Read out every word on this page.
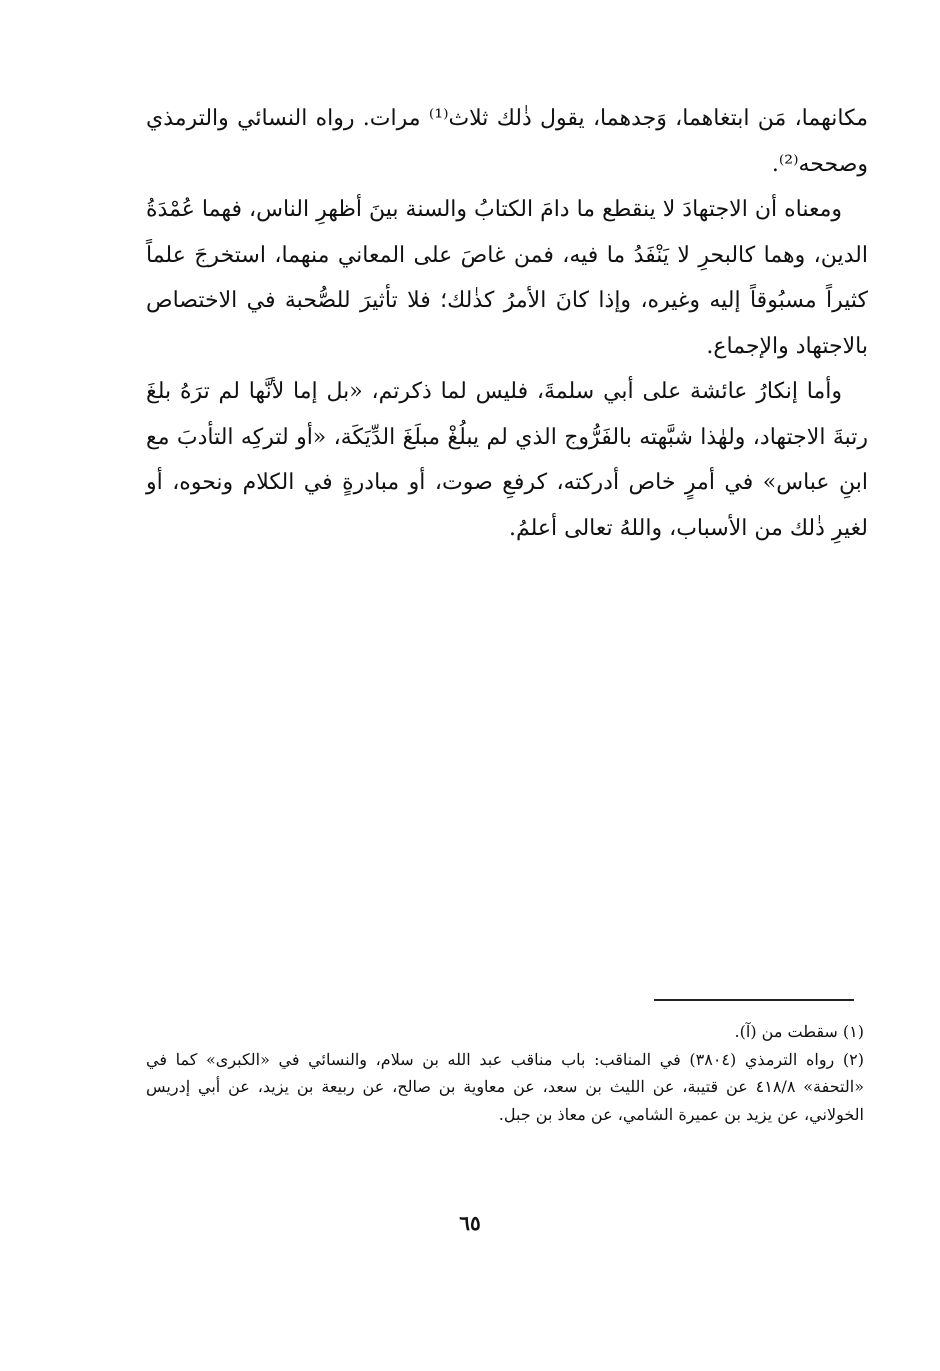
مكانهما، مَن ابتغاهما، وَجدهما، يقول ذٰلك ثلاث⁽¹⁾ مرات. رواه النسائي والترمذي وصححه⁽²⁾.

ومعناه أن الاجتهادَ لا ينقطع ما دامَ الكتابُ والسنة بينَ أظهرِ الناس، فهما عُمْدَةُ الدين، وهما كالبحرِ لا يَنْفَدُ ما فيه، فمن غاصَ على المعاني منهما، استخرجَ علماً كثيراً مسبُوقاً إليه وغيره، وإذا كانَ الأمرُ كذٰلك؛ فلا تأثيرَ للصُّحبة في الاختصاص بالاجتهاد والإجماع.

وأما إنكارُ عائشة على أبي سلمةَ، فليس لما ذكرتم، «بل إما لأنَّها لم ترَهُ بلغَ رتبةَ الاجتهاد، ولهٰذا شبَّهته بالفَرُّوج الذي لم يبلُغْ مبلَغَ الدِّيَكَة، «أو لتركِه التأدبَ مع ابنِ عباس» في أمرٍ خاص أدركته، كرفعِ صوت، أو مبادرةٍ في الكلام ونحوه، أو لغيرِ ذٰلك من الأسباب، واللهُ تعالى أعلمُ.

(١) سقطت من (آ).

(٢) رواه الترمذي (٣٨٠٤) في المناقب: باب مناقب عبد الله بن سلام، والنسائي في «الكبرى» كما في «التحفة» ٤١٨/٨ عن قتيبة، عن الليث بن سعد، عن معاوية بن صالح، عن ربيعة بن يزيد، عن أبي إدريس الخولاني، عن يزيد بن عميرة الشامي، عن معاذ بن جبل.

٦٥
